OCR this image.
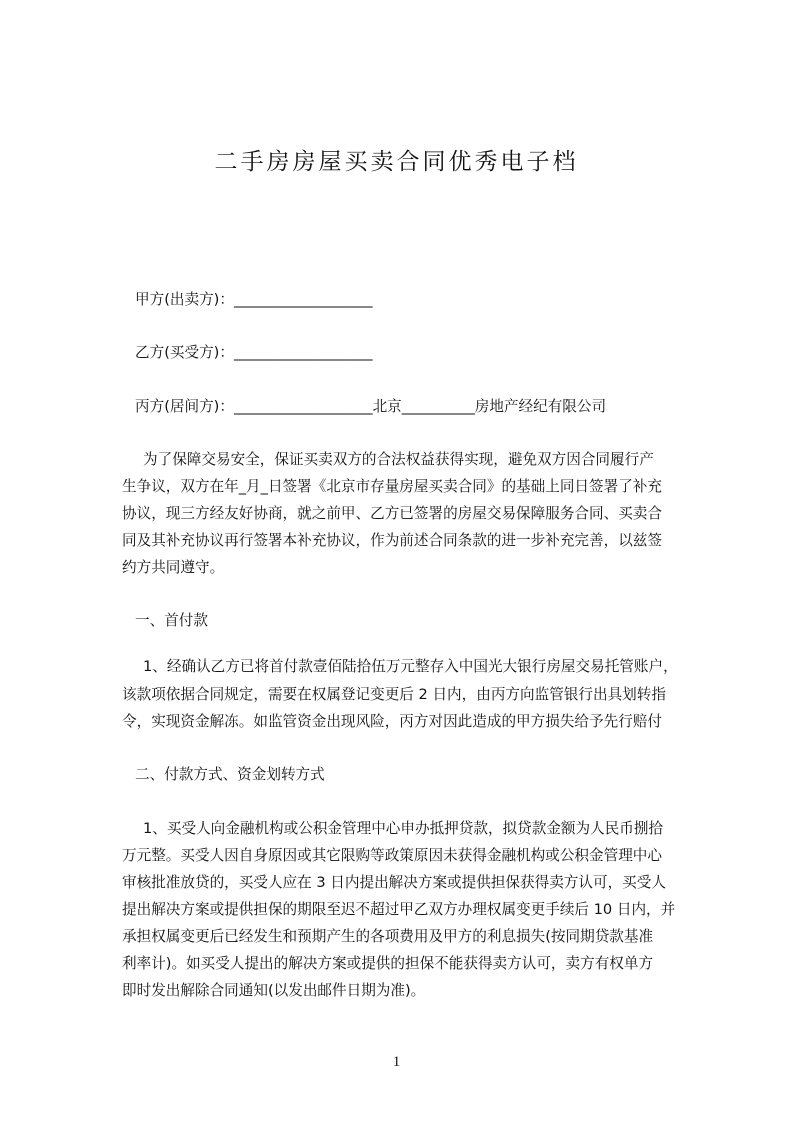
二手房房屋买卖合同优秀电子档
甲方(出卖方)：___________________
乙方(买受方)：___________________
丙方(居间方)：___________________北京__________房地产经纪有限公司
为了保障交易安全，保证买卖双方的合法权益获得实现，避免双方因合同履行产
生争议，双方在年_月_日签署《北京市存量房屋买卖合同》的基础上同日签署了补充
协议，现三方经友好协商，就之前甲、乙方已签署的房屋交易保障服务合同、买卖合
同及其补充协议再行签署本补充协议，作为前述合同条款的进一步补充完善，以兹签
约方共同遵守。
一、首付款
1、经确认乙方已将首付款壹佰陆拾伍万元整存入中国光大银行房屋交易托管账户，
该款项依据合同规定，需要在权属登记变更后 2 日内，由丙方向监管银行出具划转指
令，实现资金解冻。如监管资金出现风险，丙方对因此造成的甲方损失给予先行赔付
二、付款方式、资金划转方式
1、买受人向金融机构或公积金管理中心申办抵押贷款，拟贷款金额为人民币捌拾
万元整。买受人因自身原因或其它限购等政策原因未获得金融机构或公积金管理中心
审核批准放贷的，买受人应在 3 日内提出解决方案或提供担保获得卖方认可，买受人
提出解决方案或提供担保的期限至迟不超过甲乙双方办理权属变更手续后 10 日内，并
承担权属变更后已经发生和预期产生的各项费用及甲方的利息损失(按同期贷款基准
利率计)。如买受人提出的解决方案或提供的担保不能获得卖方认可，卖方有权单方
即时发出解除合同通知(以发出邮件日期为准)。
1
